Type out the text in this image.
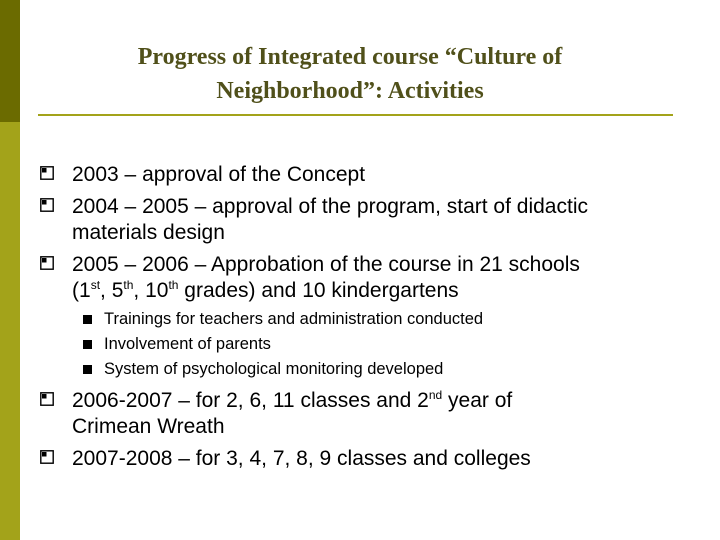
Progress of Integrated course “Culture of
Neighborhood”: Activities
2003 – approval of the Concept
2004 – 2005 – approval of the program, start of didactic
materials design
2005 – 2006 – Approbation of the course in 21 schools
(1st, 5th, 10th grades) and 10 kindergartens
Trainings for teachers and administration conducted
Involvement of parents
System of psychological monitoring developed
2006-2007 – for 2, 6, 11 classes and 2nd year of
Crimean Wreath
2007-2008 – for 3, 4, 7, 8, 9 classes and colleges
